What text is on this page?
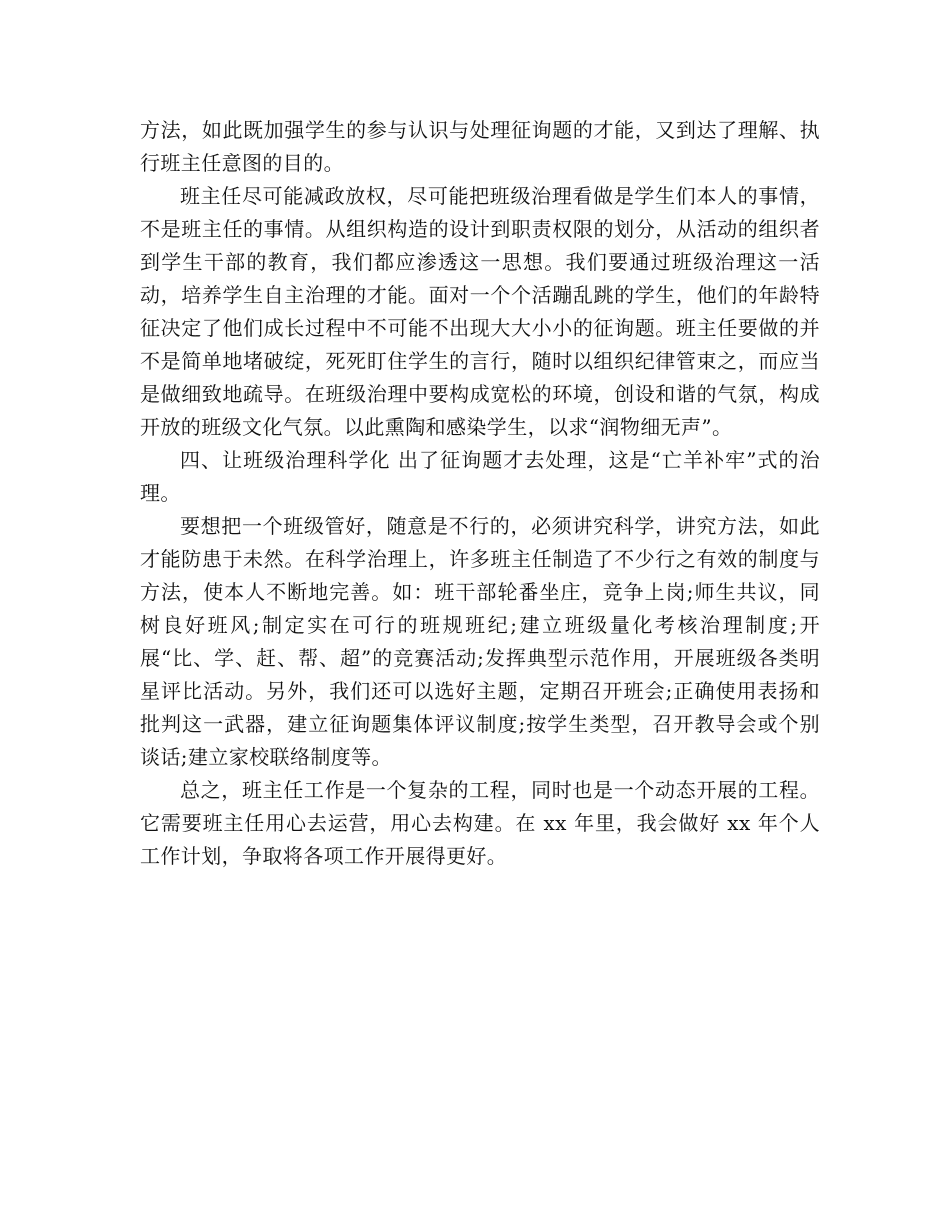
方法，如此既加强学生的参与认识与处理征询题的才能，又到达了理解、执行班主任意图的目的。

班主任尽可能减政放权，尽可能把班级治理看做是学生们本人的事情，不是班主任的事情。从组织构造的设计到职责权限的划分，从活动的组织者到学生干部的教育，我们都应渗透这一思想。我们要通过班级治理这一活动，培养学生自主治理的才能。面对一个个活蹦乱跳的学生，他们的年龄特征决定了他们成长过程中不可能不出现大大小小的征询题。班主任要做的并不是简单地堵破绽，死死盯住学生的言行，随时以组织纪律管束之，而应当是做细致地疏导。在班级治理中要构成宽松的环境，创设和谐的气氛，构成开放的班级文化气氛。以此熏陶和感染学生，以求“润物细无声”。

四、让班级治理科学化 出了征询题才去处理，这是“亡羊补牢”式的治理。

要想把一个班级管好，随意是不行的，必须讲究科学，讲究方法，如此才能防患于未然。在科学治理上，许多班主任制造了不少行之有效的制度与方法，使本人不断地完善。如：班干部轮番坐庄，竞争上岗;师生共议，同树良好班风;制定实在可行的班规班纪;建立班级量化考核治理制度;开展“比、学、赶、帮、超”的竞赛活动;发挥典型示范作用，开展班级各类明星评比活动。另外，我们还可以选好主题，定期召开班会;正确使用表扬和批判这一武器，建立征询题集体评议制度;按学生类型，召开教导会或个别谈话;建立家校联络制度等。

总之，班主任工作是一个复杂的工程，同时也是一个动态开展的工程。它需要班主任用心去运营，用心去构建。在 xx 年里，我会做好 xx 年个人工作计划，争取将各项工作开展得更好。
